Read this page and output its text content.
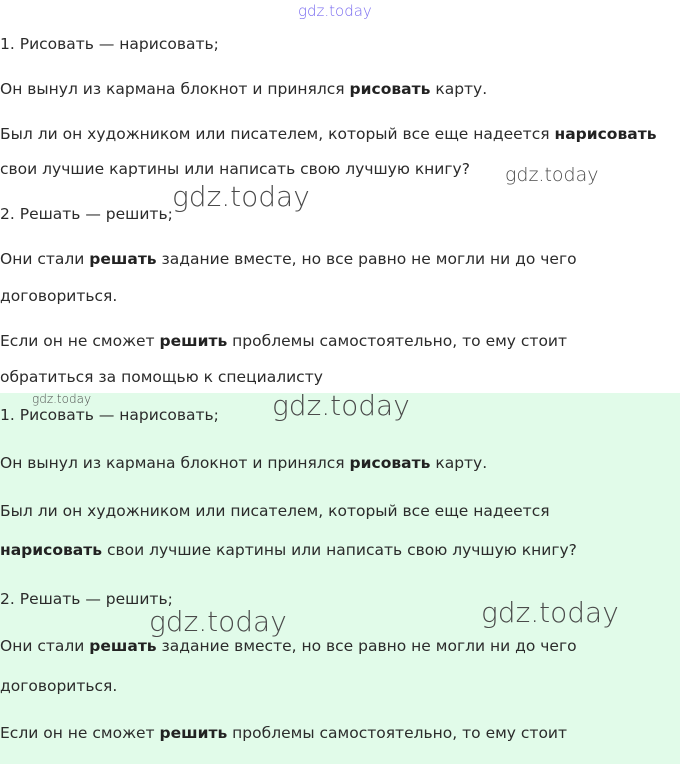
1. Рисовать — нарисовать;
Он вынул из кармана блокнот и принялся рисовать карту.
Был ли он художником или писателем, который все еще надеется нарисовать
свои лучшие картины или написать свою лучшую книгу?
2. Решать — решить;
Они стали решать задание вместе, но все равно не могли ни до чего
договориться.
Если он не сможет решить проблемы самостоятельно, то ему стоит
обратиться за помощью к специалисту
1. Рисовать — нарисовать;
Он вынул из кармана блокнот и принялся рисовать карту.
Был ли он художником или писателем, который все еще надеется
нарисовать свои лучшие картины или написать свою лучшую книгу?
2. Решать — решить;
Они стали решать задание вместе, но все равно не могли ни до чего
договориться.
Если он не сможет решить проблемы самостоятельно, то ему стоит
gdz.today
gdz.today
gdz.today
gdz.today	gdz.today
gdz.today
gdz.today
